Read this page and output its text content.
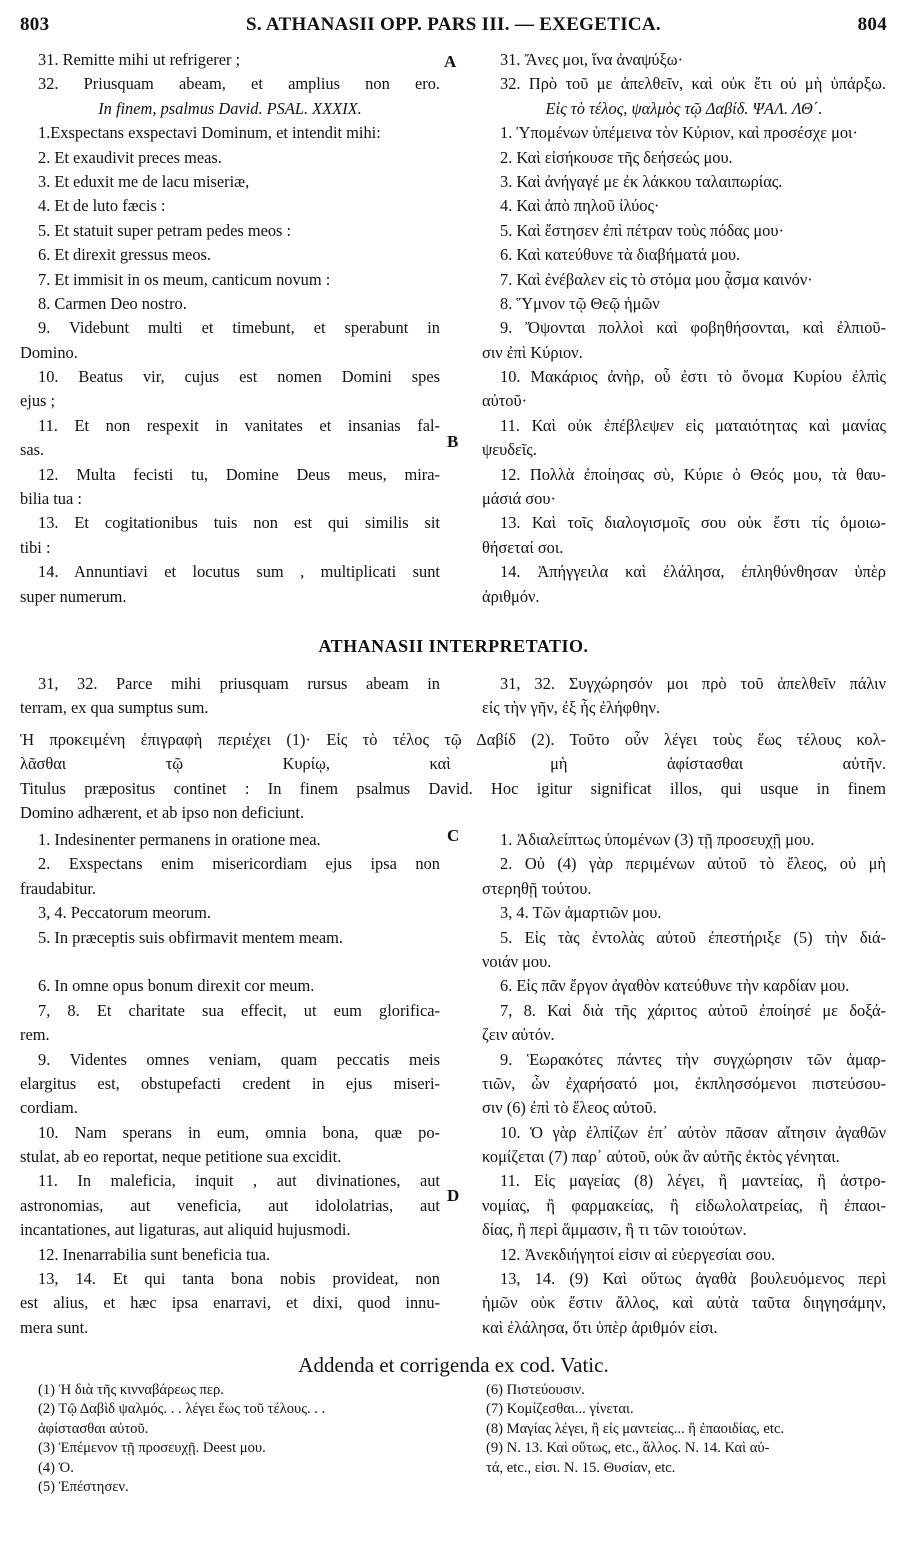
803	S. ATHANASII OPP. PARS III. — EXEGETICA.	804
31. Remitte mihi ut refrigerer ;
32. Priusquam abeam, et amplius non ero.
In finem, psalmus David. PSAL. XXXIX.
1.Exspectans exspectavi Dominum, et intendit mihi:
2. Et exaudivit preces meas.
3. Et eduxit me de lacu miseriæ,
4. Et de luto fæcis :
5. Et statuit super petram pedes meos :
6. Et direxit gressus meos.
7. Et immisit in os meum, canticum novum :
8. Carmen Deo nostro.
9. Videbunt multi et timebunt, et sperabunt in
Domino.
10. Beatus vir, cujus est nomen Domini spes
ejus ;
11. Et non respexit in vanitates et insanias fal-
sas.
12. Multa fecisti tu, Domine Deus meus, mira-
bilia tua :
13. Et cogitationibus tuis non est qui similis sit
tibi :
14. Annuntiavi et locutus sum , multiplicati sunt
super numerum.
31. Ἄνες μοι, ἵνα ἀναψύξω·
32. Πρὸ τοῦ με ἀπελθεῖν, καὶ οὐκ ἔτι οὐ μὴ ὑπάρξω.
Εἰς τὸ τέλος, ψαλμὸς τῷ Δαβίδ. ΨΑΛ. ΛΘ΄.
1. Ὑπομένων ὑπέμεινα τὸν Κύριον, καὶ προσέσχε μοι·
2. Καὶ εἰσήκουσε τῆς δεήσεώς μου.
3. Καὶ ἀνήγαγέ με ἐκ λάκκου ταλαιπωρίας.
4. Καὶ ἀπὸ πηλοῦ ἰλύος·
5. Καὶ ἔστησεν ἐπὶ πέτραν τοὺς πόδας μου·
6. Καὶ κατεύθυνε τὰ διαβήματά μου.
7. Καὶ ἐνέβαλεν εἰς τὸ στόμα μου ᾆσμα καινόν·
8. Ὕμνον τῷ Θεῷ ἡμῶν
9. Ὄψονται πολλοὶ καὶ φοβηθήσονται, καὶ ἐλπιοῦ-
σιν ἐπὶ Κύριον.
10. Μακάριος ἀνὴρ, οὗ ἐστι τὸ ὄνομα Κυρίου ἐλπὶς
αὐτοῦ·
11. Καὶ οὐκ ἐπέβλεψεν εἰς ματαιότητας καὶ μανίας
ψευδεῖς.
12. Πολλὰ ἐποίησας σὺ, Κύριε ὁ Θεός μου, τὰ θαυ-
μάσιά σου·
13. Καὶ τοῖς διαλογισμοῖς σου οὐκ ἔστι τίς ὁμοιω-
θήσεταί σοι.
14. Ἀπήγγειλα καὶ ἐλάλησα, ἐπληθύνθησαν ὑπὲρ
ἀριθμόν.
A
B
C
D
ATHANASII INTERPRETATIO.
31, 32. Parce mihi priusquam rursus abeam in
terram, ex qua sumptus sum.
31, 32. Συγχώρησόν μοι πρὸ τοῦ ἀπελθεῖν πάλιν
εἰς τὴν γῆν, ἐξ ἧς ἐλήφθην.
Ἡ προκειμένη ἐπιγραφὴ περιέχει (1)· Εἰς τὸ τέλος τῷ Δαβίδ (2). Τοῦτο οὖν λέγει τοὺς ἕως τέλους κολ-
λᾶσθαι τῷ Κυρίῳ, καὶ μὴ ἀφίστασθαι αὐτῆν.
Titulus præpositus continet : In finem psalmus David. Hoc igitur significat illos, qui usque in finem
Domino adhærent, et ab ipso non deficiunt.
1. Indesinenter permanens in oratione mea.
2. Exspectans enim misericordiam ejus ipsa non
fraudabitur.
3, 4. Peccatorum meorum.
5. In præceptis suis obfirmavit mentem meam.
6. In omne opus bonum direxit cor meum.
7, 8. Et charitate sua effecit, ut eum glorifica-
rem.
9. Videntes omnes veniam, quam peccatis meis
elargitus est, obstupefacti credent in ejus miseri-
cordiam.
10. Nam sperans in eum, omnia bona, quæ po-
stulat, ab eo reportat, neque petitione sua excidit.
11. In maleficia, inquit , aut divinationes, aut
astronomias, aut veneficia, aut idololatrias, aut
incantationes, aut ligaturas, aut aliquid hujusmodi.
12. Inenarrabilia sunt beneficia tua.
13, 14. Et qui tanta bona nobis provideat, non
est alius, et hæc ipsa enarravi, et dixi, quod innu-
mera sunt.
1. Ἀδιαλείπτως ὑπομένων (3) τῇ προσευχῇ μου.
2. Οὐ (4) γὰρ περιμένων αὐτοῦ τὸ ἔλεος, οὐ μὴ
στερηθῇ τούτου.
3, 4. Τῶν ἁμαρτιῶν μου.
5. Εἰς τὰς ἐντολὰς αὐτοῦ ἐπεστήριξε (5) τὴν διά-
νοιάν μου.
6. Εἰς πᾶν ἔργον ἀγαθὸν κατεύθυνε τὴν καρδίαν μου.
7, 8. Καὶ διὰ τῆς χάριτος αὐτοῦ ἐποίησέ με δοξά-
ζειν αὐτόν.
9. Ἑωρακότες πάντες τὴν συγχώρησιν τῶν ἁμαρ-
τιῶν, ὧν ἐχαρήσατό μοι, ἐκπλησσόμενοι πιστεύσου-
σιν (6) ἐπὶ τὸ ἔλεος αὐτοῦ.
10. Ὁ γὰρ ἐλπίζων ἐπ᾽ αὐτὸν πᾶσαν αἴτησιν ἀγαθῶν
κομίζεται (7) παρ᾽ αὐτοῦ, οὐκ ἂν αὐτῆς ἐκτὸς γένηται.
11. Εἰς μαγείας (8) λέγει, ἢ μαντείας, ἢ ἀστρο-
νομίας, ἢ φαρμακείας, ἢ εἰδωλολατρείας, ἢ ἐπαοι-
δίας, ἢ περὶ ἅμμασιν, ἢ τι τῶν τοιούτων.
12. Ἀνεκδιήγητοί εἰσιν αἱ εὐεργεσίαι σου.
13, 14. (9) Καὶ οὕτως ἀγαθὰ βουλευόμενος περὶ
ἡμῶν οὐκ ἔστιν ἄλλος, καὶ αὐτὰ ταῦτα διηγησάμην,
καὶ ἐλάλησα, ὅτι ὑπὲρ ἀριθμόν εἰσι.
Addenda et corrigenda ex cod. Vatic.
(1) Ἡ διὰ τῆς κινναβάρεως περ.
(2) Τῷ Δαβὶδ ψαλμός. . . λέγει ἕως τοῦ τέλους. . .
ἀφίστασθαι αὐτοῦ.
(3) Ἐπέμενον τῇ προσευχῇ. Deest μου.
(4) Ὁ.
(5) Ἐπέστησεν.
(6) Πιστεύουσιν.
(7) Κομίζεσθαι... γίνεται.
(8) Μαγίας λέγει, ἢ εἰς μαντείας... ἢ ἐπαοιδίας, etc.
(9) N. 13. Καὶ οὕτως, etc., ἄλλος. N. 14. Καὶ αὐ-
τά, etc., εἰσι. N. 15. Θυσίαν, etc.
